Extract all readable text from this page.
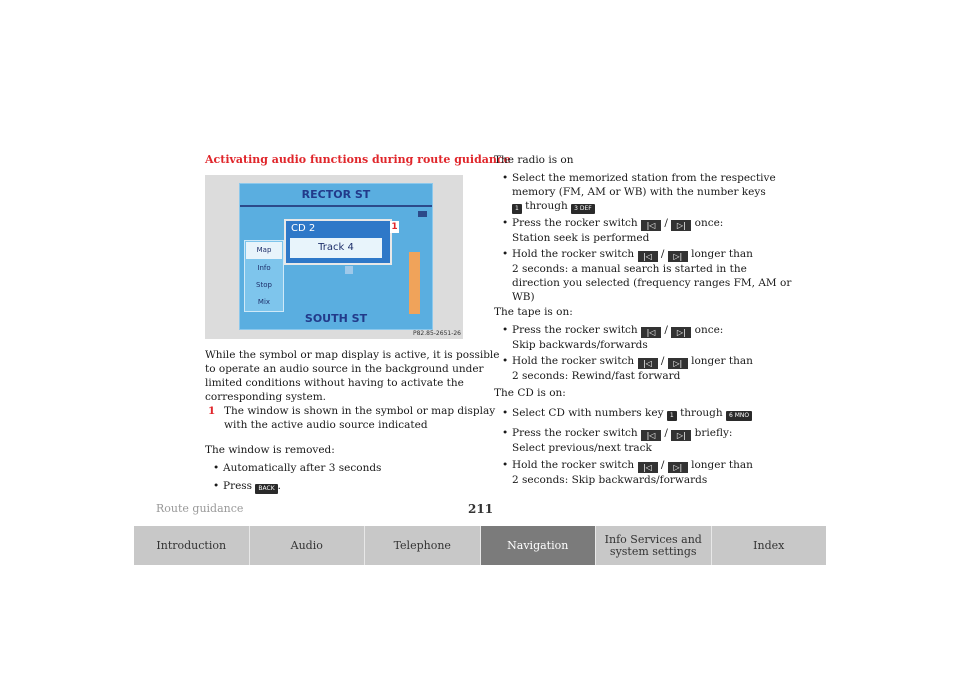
Activating audio functions during route guidance
RECTOR ST
Map
Info
Stop
Mix
CD 2
Track 4
1
SOUTH ST
P82.85-2651-26
While the symbol or map display is active, it is possible
to operate an audio source in the background under
limited conditions without having to activate the
corresponding system.
1 The window is shown in the symbol or map display
with the active audio source indicated
The window is removed:
• Automatically after 3 seconds
• Press BACK .
The radio is on
• Select the memorized station from the respective
memory (FM, AM or WB) with the number keys
1 through 3 DEF
• Press the rocker switch |◁ / ▷| once:
Station seek is performed
• Hold the rocker switch |◁ / ▷| longer than
2 seconds: a manual search is started in the
direction you selected (frequency ranges FM, AM or
WB)
The tape is on:
• Press the rocker switch |◁ / ▷| once:
Skip backwards/forwards
• Hold the rocker switch |◁ / ▷| longer than
2 seconds: Rewind/fast forward
The CD is on:
• Select CD with numbers key 1 through 6 MNO
• Press the rocker switch |◁ / ▷| briefly:
Select previous/next track
• Hold the rocker switch |◁ / ▷| longer than
2 seconds: Skip backwards/forwards
Route guidance	211
Introduction	Audio	Telephone	Navigation	Info Services and system settings	Index
